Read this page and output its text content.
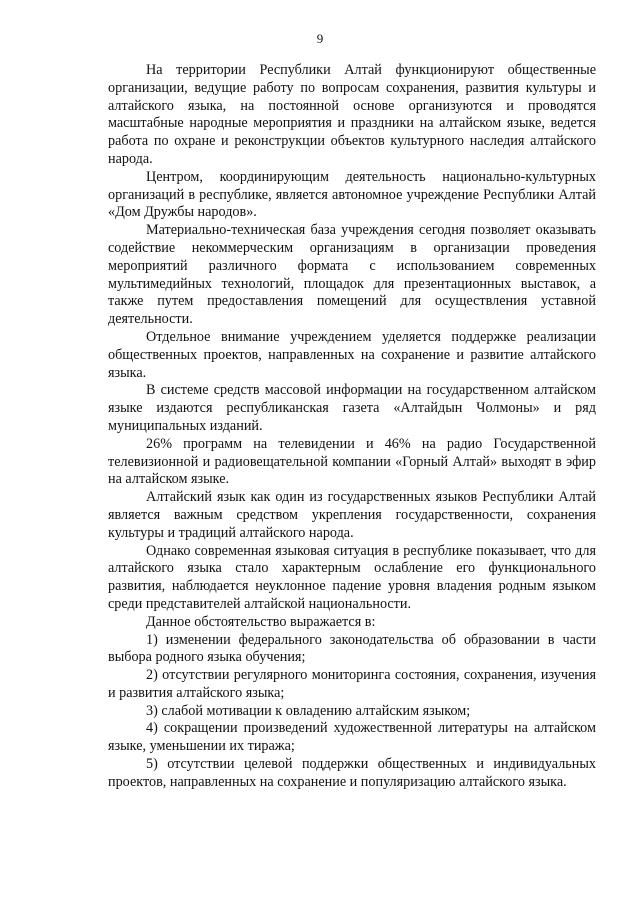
9

На территории Республики Алтай функционируют общественные организации, ведущие работу по вопросам сохранения, развития культуры и алтайского языка, на постоянной основе организуются и проводятся масштабные народные мероприятия и праздники на алтайском языке, ведется работа по охране и реконструкции объектов культурного наследия алтайского народа.

Центром, координирующим деятельность национально-культурных организаций в республике, является автономное учреждение Республики Алтай «Дом Дружбы народов».

Материально-техническая база учреждения сегодня позволяет оказывать содействие некоммерческим организациям в организации проведения мероприятий различного формата с использованием современных мультимедийных технологий, площадок для презентационных выставок, а также путем предоставления помещений для осуществления уставной деятельности.

Отдельное внимание учреждением уделяется поддержке реализации общественных проектов, направленных на сохранение и развитие алтайского языка.

В системе средств массовой информации на государственном алтайском языке издаются республиканская газета «Алтайдын Чолмоны» и ряд муниципальных изданий.

26% программ на телевидении и 46% на радио Государственной телевизионной и радиовещательной компании «Горный Алтай» выходят в эфир на алтайском языке.

Алтайский язык как один из государственных языков Республики Алтай является важным средством укрепления государственности, сохранения культуры и традиций алтайского народа.

Однако современная языковая ситуация в республике показывает, что для алтайского языка стало характерным ослабление его функционального развития, наблюдается неуклонное падение уровня владения родным языком среди представителей алтайской национальности.

Данное обстоятельство выражается в:

1) изменении федерального законодательства об образовании в части выбора родного языка обучения;

2) отсутствии регулярного мониторинга состояния, сохранения, изучения и развития алтайского языка;

3) слабой мотивации к овладению алтайским языком;

4) сокращении произведений художественной литературы на алтайском языке, уменьшении их тиража;

5) отсутствии целевой поддержки общественных и индивидуальных проектов, направленных на сохранение и популяризацию алтайского языка.
